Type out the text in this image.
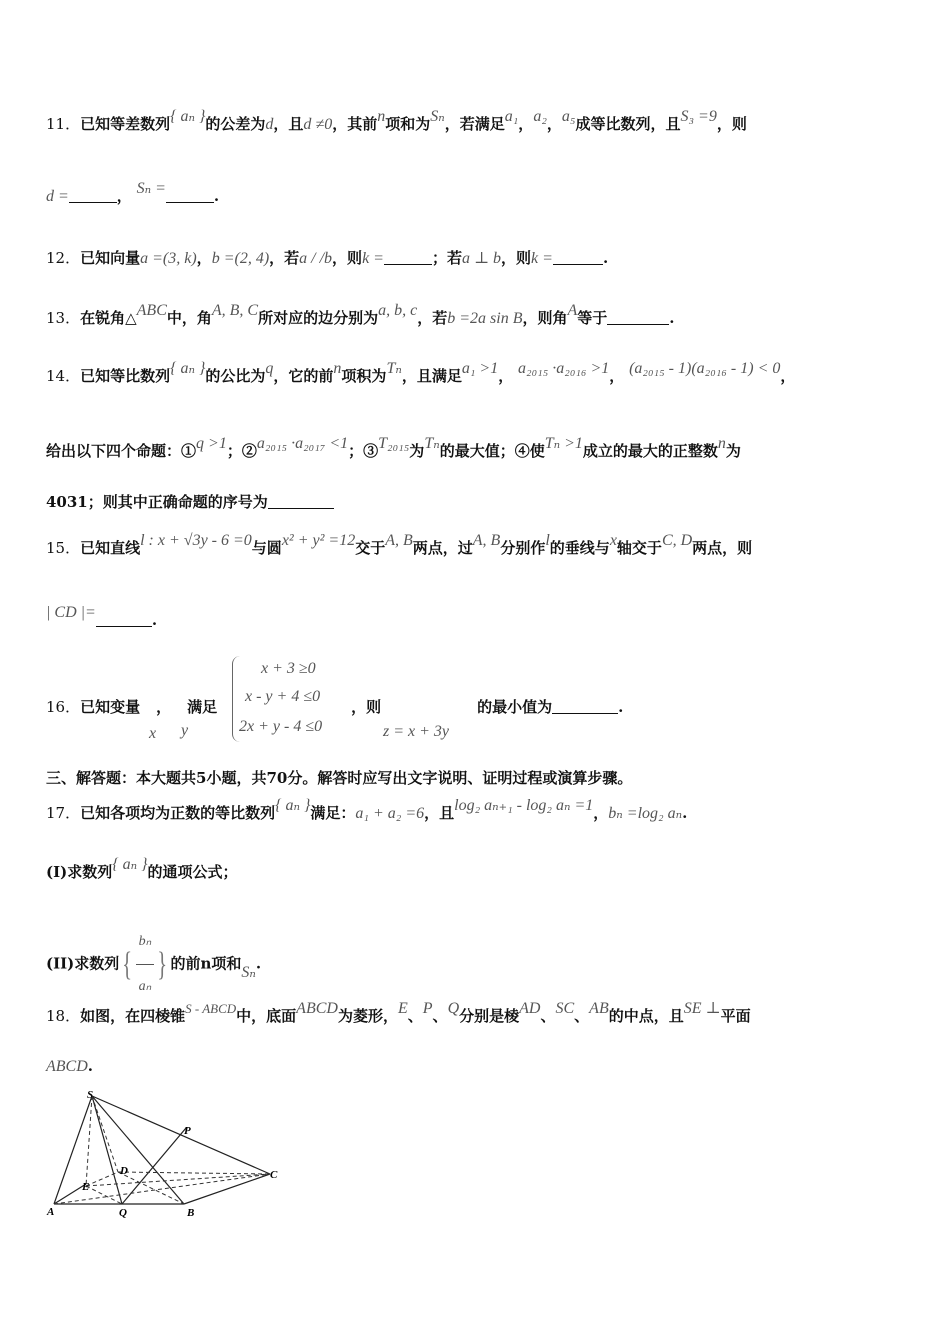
11．已知等差数列{ aₙ }的公差为d，且d ≠0，其前n项和为Sₙ，若满足a₁，a₂，a₅成等比数列，且S₃ =9，则
d =	， Sₙ =	.
12．已知向量a =(3, k)，b =(2, 4)，若a / /b，则k =	；若a ⊥ b，则k =	.
13．在锐角△ABC中，角A, B, C所对应的边分别为a, b, c，若b =2a sin B，则角A等于	.
14．已知等比数列{ aₙ }的公比为q，它的前n项积为Tₙ，且满足a₁ >1， a₂₀₁₅ ·a₂₀₁₆ >1， (a₂₀₁₅ - 1)(a₂₀₁₆ - 1) < 0，
给出以下四个命题：①q >1；②a₂₀₁₅ ·a₂₀₁₇ <1；③T₂₀₁₅为Tₙ的最大值；④使Tₙ >1成立的最大的正整数n为
4031；则其中正确命题的序号为
15．已知直线l : x + √3y - 6 =0与圆x² + y² =12交于A, B两点，过A, B分别作l的垂线与x轴交于C, D两点，则
| CD |=	.
16．已知变量 ， 满足	，则	的最小值为	.
x y
x + 3 ≥0
x - y + 4 ≤0
2x + y - 4 ≤0	z = x + 3y
三、解答题：本大题共5小题，共70分。解答时应写出文字说明、证明过程或演算步骤。
17．已知各项均为正数的等比数列{ aₙ }满足：a₁ + a₂ =6，且log₂ aₙ₊₁ - log₂ aₙ =1，bₙ =log₂ aₙ.
(I)求数列{ aₙ }的通项公式；
(II)求数列{ $\frac{\text{bₙ}}{\text{aₙ}}$ } 的前n项和Sₙ.
18．如图，在四棱锥S - ABCD中，底面ABCD为菱形，E、P、Q分别是棱AD、SC、AB的中点，且SE ⊥平面
ABCD.
S
P
D	C
E
A	Q	B
